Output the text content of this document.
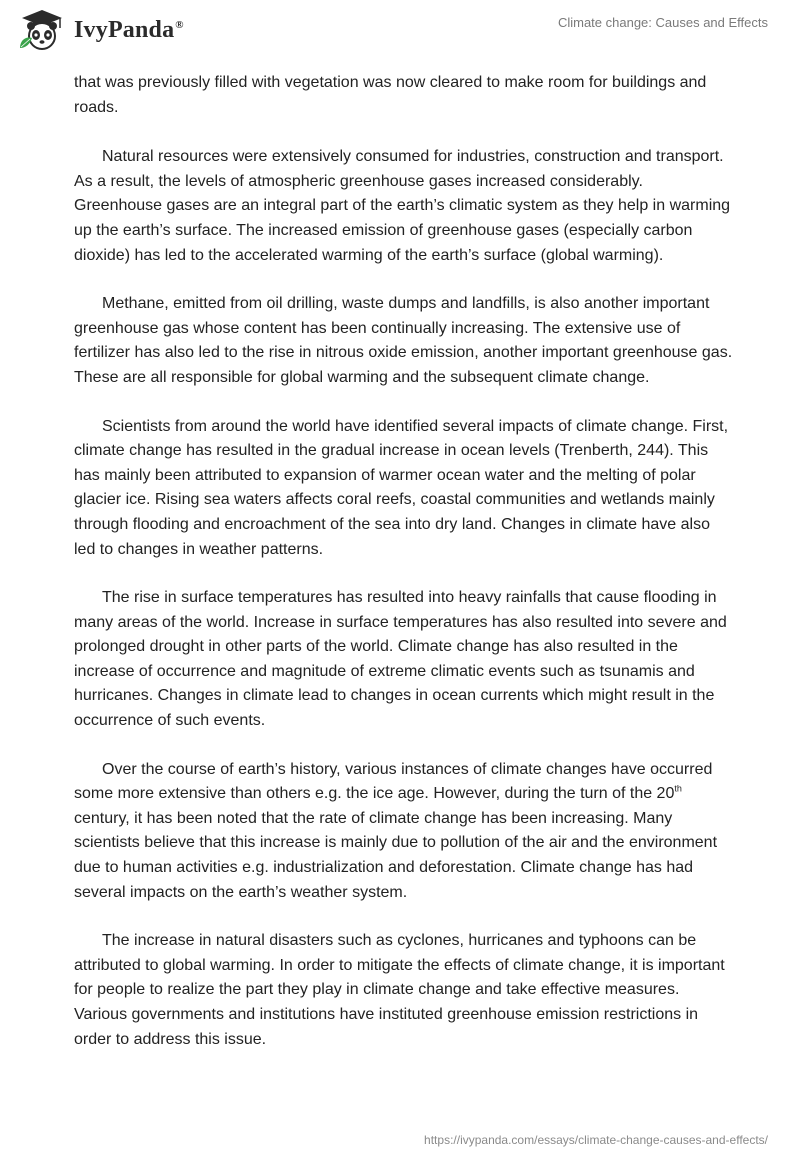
IvyPanda®	Climate change: Causes and Effects

that was previously filled with vegetation was now cleared to make room for buildings and roads.

Natural resources were extensively consumed for industries, construction and transport. As a result, the levels of atmospheric greenhouse gases increased considerably. Greenhouse gases are an integral part of the earth’s climatic system as they help in warming up the earth’s surface. The increased emission of greenhouse gases (especially carbon dioxide) has led to the accelerated warming of the earth’s surface (global warming).

Methane, emitted from oil drilling, waste dumps and landfills, is also another important greenhouse gas whose content has been continually increasing. The extensive use of fertilizer has also led to the rise in nitrous oxide emission, another important greenhouse gas. These are all responsible for global warming and the subsequent climate change.

Scientists from around the world have identified several impacts of climate change. First, climate change has resulted in the gradual increase in ocean levels (Trenberth, 244). This has mainly been attributed to expansion of warmer ocean water and the melting of polar glacier ice. Rising sea waters affects coral reefs, coastal communities and wetlands mainly through flooding and encroachment of the sea into dry land. Changes in climate have also led to changes in weather patterns.

The rise in surface temperatures has resulted into heavy rainfalls that cause flooding in many areas of the world. Increase in surface temperatures has also resulted into severe and prolonged drought in other parts of the world. Climate change has also resulted in the increase of occurrence and magnitude of extreme climatic events such as tsunamis and hurricanes. Changes in climate lead to changes in ocean currents which might result in the occurrence of such events.

Over the course of earth’s history, various instances of climate changes have occurred some more extensive than others e.g. the ice age. However, during the turn of the 20th century, it has been noted that the rate of climate change has been increasing. Many scientists believe that this increase is mainly due to pollution of the air and the environment due to human activities e.g. industrialization and deforestation. Climate change has had several impacts on the earth’s weather system.

The increase in natural disasters such as cyclones, hurricanes and typhoons can be attributed to global warming. In order to mitigate the effects of climate change, it is important for people to realize the part they play in climate change and take effective measures. Various governments and institutions have instituted greenhouse emission restrictions in order to address this issue.

https://ivypanda.com/essays/climate-change-causes-and-effects/
